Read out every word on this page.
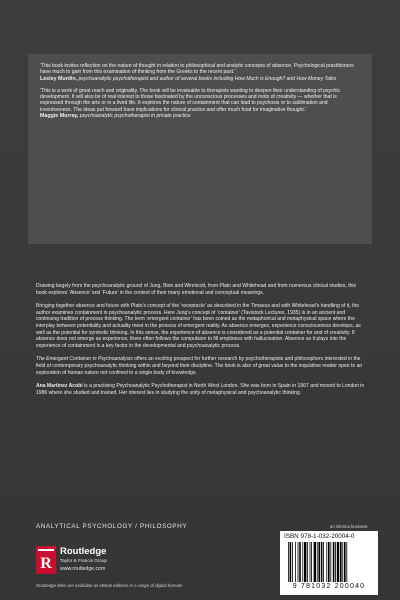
‘This book invites reflection on the nature of thought in relation to philosophical and analytic concepts of absence. Psychological practitioners have much to gain from this examination of thinking from the Greeks to the recent past.’

Lesley Murdin, psychoanalytic psychotherapist and author of several books including How Much is Enough? and How Money Talks

‘This is a work of great reach and originality. The book will be invaluable to therapists wanting to deepen their understanding of psychic development. It will also be of real interest to those fascinated by the unconscious processes and roots of creativity — whether that is expressed through the arts or in a lived life. It explores the nature of containment that can lead to psychosis or to sublimation and inventiveness. The ideas put forward have implications for clinical practice and offer much food for imaginative thought.’

Maggie Murray, psychoanalytic psychotherapist in private practice

Drawing largely from the psychoanalytic ground of Jung, Bion and Winnicott, from Plato and Whitehead and from numerous clinical studies, this book explores ‘Absence’ and ‘Future’ in the context of their many emotional and conceptual meanings.

Bringing together absence and future with Plato’s concept of the ‘receptacle’ as described in the Timaeus and with Whitehead’s handling of it, the author examines containment in psychoanalytic process. Here Jung’s concept of ‘container’ (Tavistock Lectures, 1935) is in an ancient and continuing tradition of process thinking. The term ‘emergent container’ has been coined as the metaphorical and metaphysical space where the interplay between potentiality and actuality meet in the process of emergent reality. As absence emerges, experience consciousness develops, as well as the potential for symbolic thinking. In this sense, the experience of absence is considered as a potential container for and of creativity. If absence does not emerge as experience, there often follows the compulsion to fill emptiness with hallucination. Absence as it plays into the experience of containment is a key factor in the developmental and psychoanalytic process.

The Emergent Container in Psychoanalysis offers an exciting prospect for further research by psychotherapists and philosophers interested in the field of contemporary psychoanalytic thinking within and beyond their discipline. The book is also of great value to the inquisitive reader open to an exploration of human nature not confined to a single body of knowledge.

Ana Martinez Acobi is a practising Psychoanalytic Psychotherapist in North West London. She was born in Spain in 1967 and moved to London in 1986 where she studied and trained. Her interest lies in studying the unity of metaphysical and psychoanalytic thinking.

ANALYTICAL PSYCHOLOGY / PHILOSOPHY
R
Routledge
Taylor & Francis Group
www.routledge.com
Routledge titles are available as eBook editions in a range of digital formats
an informa business
ISBN 978-1-032-20004-0
9 781032 200040
